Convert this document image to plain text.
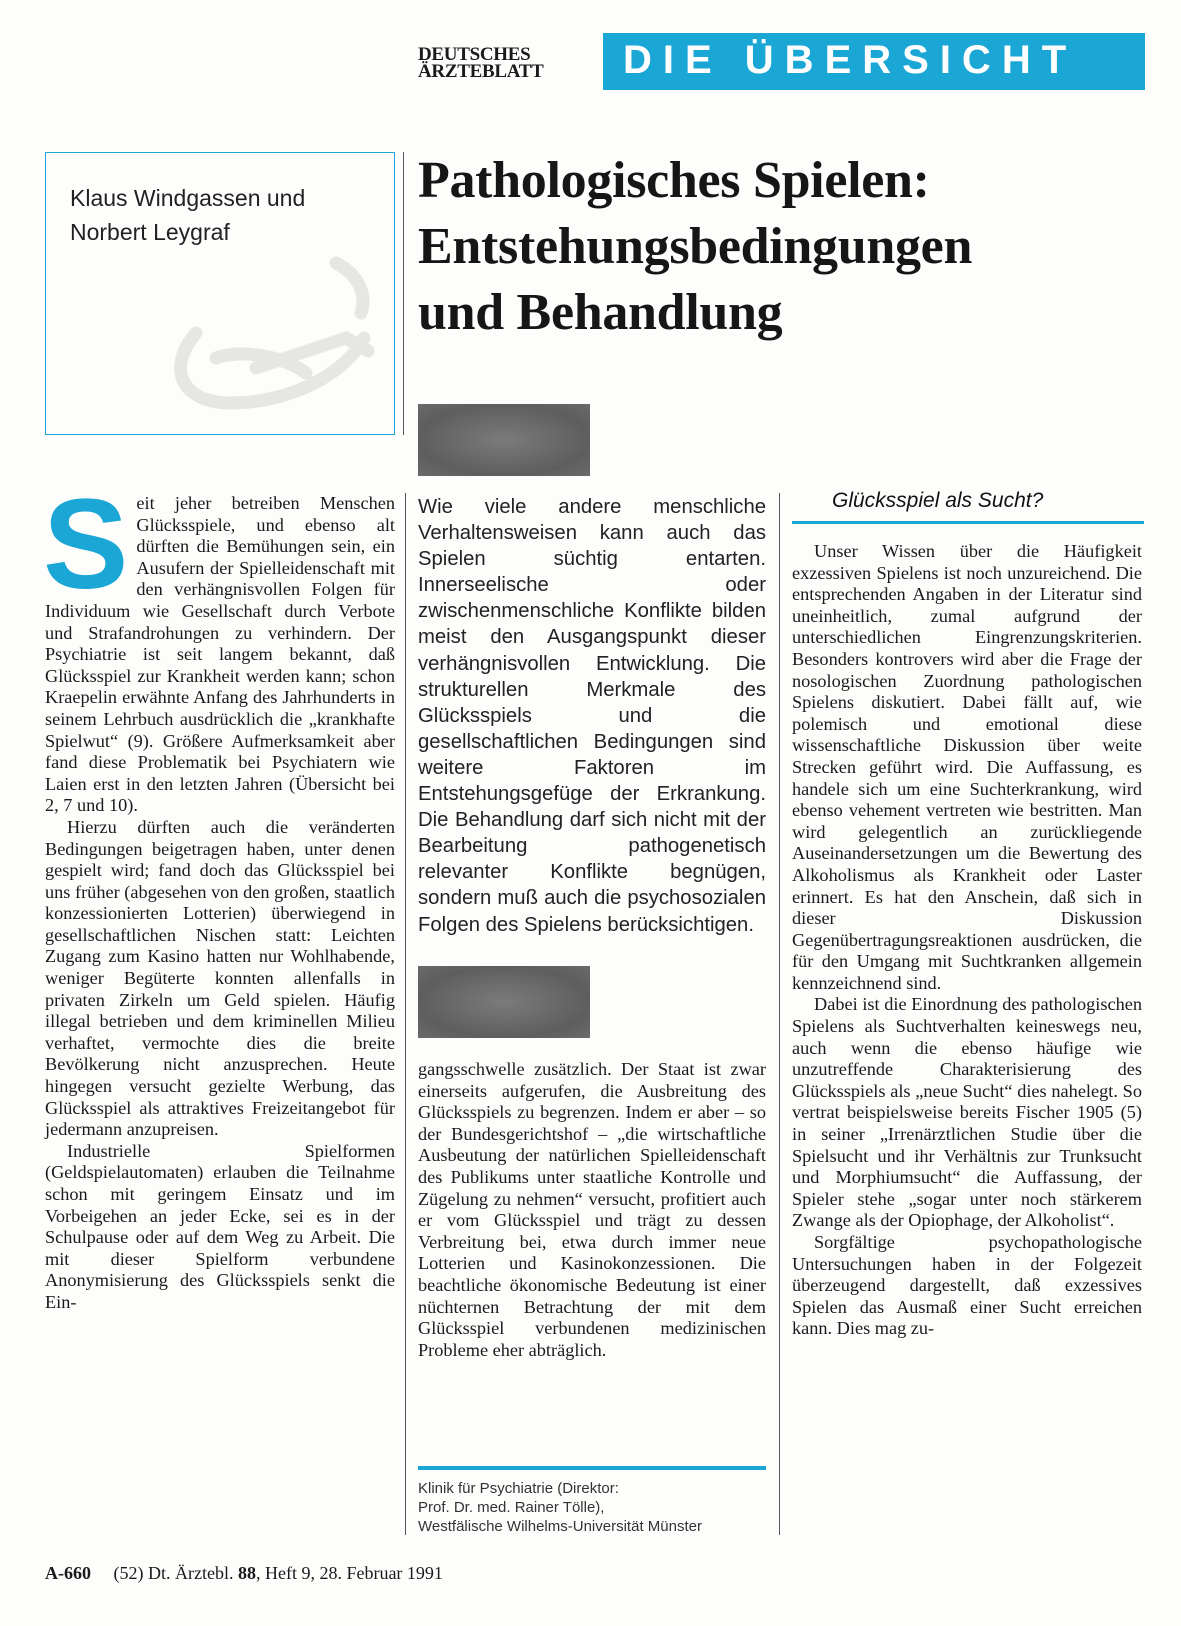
DEUTSCHES
ÄRZTEBLATT	DIE ÜBERSICHT
Klaus Windgassen und
Norbert Leygraf
Pathologisches Spielen:
Entstehungsbedingungen
und Behandlung

Seit jeher betreiben Menschen Glücksspiele, und ebenso alt dürften die Bemühungen sein, ein Ausufern der Spielleidenschaft mit den verhängnisvollen Folgen für Individuum wie Gesellschaft durch Verbote und Strafandrohungen zu verhindern. Der Psychiatrie ist seit langem bekannt, daß Glücksspiel zur Krankheit werden kann; schon Kraepelin erwähnte Anfang des Jahrhunderts in seinem Lehrbuch ausdrücklich die „krankhafte Spielwut“ (9). Größere Aufmerksamkeit aber fand diese Problematik bei Psychiatern wie Laien erst in den letzten Jahren (Übersicht bei 2, 7 und 10).

Hierzu dürften auch die veränderten Bedingungen beigetragen haben, unter denen gespielt wird; fand doch das Glücksspiel bei uns früher (abgesehen von den großen, staatlich konzessionierten Lotterien) überwiegend in gesellschaftlichen Nischen statt: Leichten Zugang zum Kasino hatten nur Wohlhabende, weniger Begüterte konnten allenfalls in privaten Zirkeln um Geld spielen. Häufig illegal betrieben und dem kriminellen Milieu verhaftet, vermochte dies die breite Bevölkerung nicht anzusprechen. Heute hingegen versucht gezielte Werbung, das Glücksspiel als attraktives Freizeitangebot für jedermann anzupreisen.

Industrielle Spielformen (Geldspielautomaten) erlauben die Teilnahme schon mit geringem Einsatz und im Vorbeigehen an jeder Ecke, sei es in der Schulpause oder auf dem Weg zu Arbeit. Die mit dieser Spielform verbundene Anonymisierung des Glücksspiels senkt die Ein-

Wie viele andere menschliche Verhaltensweisen kann auch das Spielen süchtig entarten. Innerseelische oder zwischenmenschliche Konflikte bilden meist den Ausgangspunkt dieser verhängnisvollen Entwicklung. Die strukturellen Merkmale des Glücksspiels und die gesellschaftlichen Bedingungen sind weitere Faktoren im Entstehungsgefüge der Erkrankung. Die Behandlung darf sich nicht mit der Bearbeitung pathogenetisch relevanter Konflikte begnügen, sondern muß auch die psychosozialen Folgen des Spielens berücksichtigen.

gangsschwelle zusätzlich. Der Staat ist zwar einerseits aufgerufen, die Ausbreitung des Glücksspiels zu begrenzen. Indem er aber – so der Bundesgerichtshof – „die wirtschaftliche Ausbeutung der natürlichen Spielleidenschaft des Publikums unter staatliche Kontrolle und Zügelung zu nehmen“ versucht, profitiert auch er vom Glücksspiel und trägt zu dessen Verbreitung bei, etwa durch immer neue Lotterien und Kasinokonzessionen. Die beachtliche ökonomische Bedeutung ist einer nüchternen Betrachtung der mit dem Glücksspiel verbundenen medizinischen Probleme eher abträglich.

Klinik für Psychiatrie (Direktor:
Prof. Dr. med. Rainer Tölle),
Westfälische Wilhelms-Universität Münster
Glücksspiel als Sucht?

Unser Wissen über die Häufigkeit exzessiven Spielens ist noch unzureichend. Die entsprechenden Angaben in der Literatur sind uneinheitlich, zumal aufgrund der unterschiedlichen Eingrenzungskriterien. Besonders kontrovers wird aber die Frage der nosologischen Zuordnung pathologischen Spielens diskutiert. Dabei fällt auf, wie polemisch und emotional diese wissenschaftliche Diskussion über weite Strecken geführt wird. Die Auffassung, es handele sich um eine Suchterkrankung, wird ebenso vehement vertreten wie bestritten. Man wird gelegentlich an zurückliegende Auseinandersetzungen um die Bewertung des Alkoholismus als Krankheit oder Laster erinnert. Es hat den Anschein, daß sich in dieser Diskussion Gegenübertragungsreaktionen ausdrücken, die für den Umgang mit Suchtkranken allgemein kennzeichnend sind.

Dabei ist die Einordnung des pathologischen Spielens als Suchtverhalten keineswegs neu, auch wenn die ebenso häufige wie unzutreffende Charakterisierung des Glücksspiels als „neue Sucht“ dies nahelegt. So vertrat beispielsweise bereits Fischer 1905 (5) in seiner „Irrenärztlichen Studie über die Spielsucht und ihr Verhältnis zur Trunksucht und Morphiumsucht“ die Auffassung, der Spieler stehe „sogar unter noch stärkerem Zwange als der Opiophage, der Alkoholist“.

Sorgfältige psychopathologische Untersuchungen haben in der Folgezeit überzeugend dargestellt, daß exzessives Spielen das Ausmaß einer Sucht erreichen kann. Dies mag zu-

A-660 (52) Dt. Ärztebl. 88, Heft 9, 28. Februar 1991
